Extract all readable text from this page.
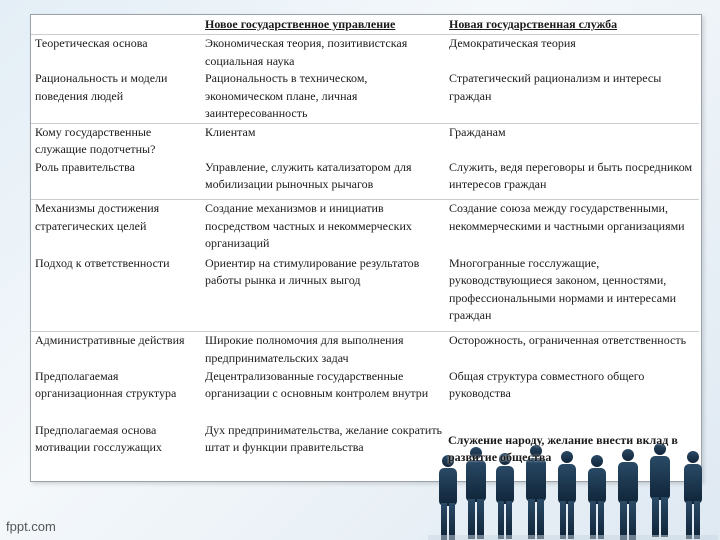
	Новое государственное управление	Новая государственная служба
Теоретическая основа	Экономическая теория, позитивистская социальная наука	Демократическая теория
Рациональность и модели поведения людей	Рациональность в техническом, экономическом плане, личная заинтересованность	Стратегический рационализм и интересы граждан
Кому государственные служащие подотчетны?	Клиентам	Гражданам
Роль правительства	Управление, служить катализатором для мобилизации рыночных рычагов	Служить, ведя переговоры и быть посредником интересов граждан
Механизмы достижения стратегических целей	Создание механизмов и инициатив посредством частных и некоммерческих организаций	Создание союза между государственными, некоммерческими и частными организациями
Подход к ответственности	Ориентир на стимулирование результатов работы рынка и личных выгод	Многогранные госслужащие, руководствующиеся законом, ценностями, профессиональными нормами и интересами граждан
Административные действия	Широкие полномочия для выполнения предпринимательских задач	Осторожность, ограниченная ответственность
Предполагаемая организационная структура	Децентрализованные государственные организации с основным контролем внутри	Общая структура совместного общего руководства
Предполагаемая основа мотивации госслужащих	Дух предпринимательства, желание сократить штат и функции правительства		Служение народу, желание внести вклад в развитие общества
fppt.com
